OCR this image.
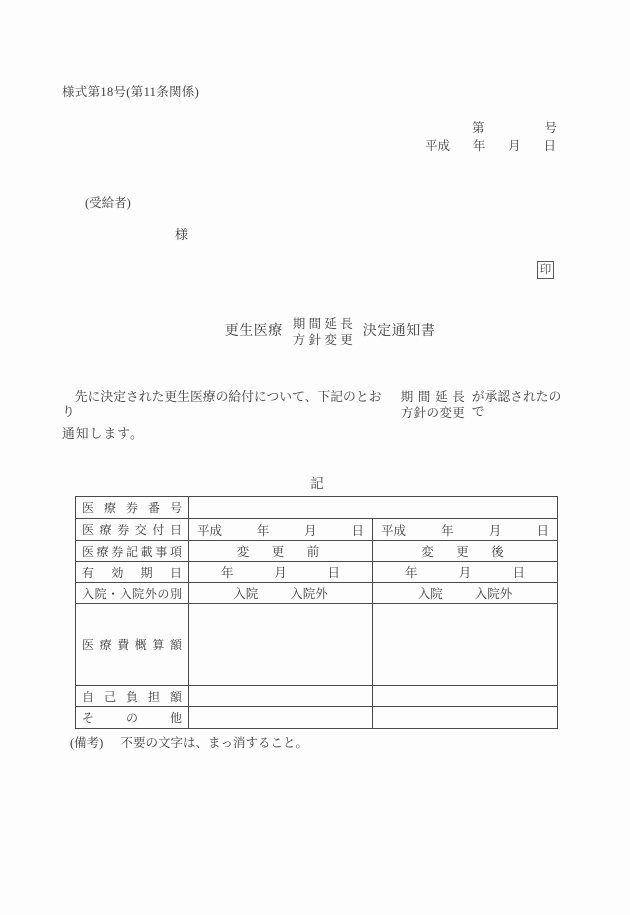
様式第18号(第11条関係)
第	号
平成 年 月 日
(受給者)
様
印
更生医療 期間延長
方針変更
決定通知書
　先に決定された更生医療の給付について、下記のとおり
期間延長
方針の変更
が承認されたので
通知します。
記
医療券番号		
医療券交付日	平成 年 月 日	平成 年 月 日

医療券記載事項	変　更　前	変　更　後
有効期日	年 月 日	年 月 日

入院・入院外の別	入院 入院外	入院 入院外

医療費概算額		
自己負担額		
その他		
(備考) 不要の文字は、まっ消すること。
